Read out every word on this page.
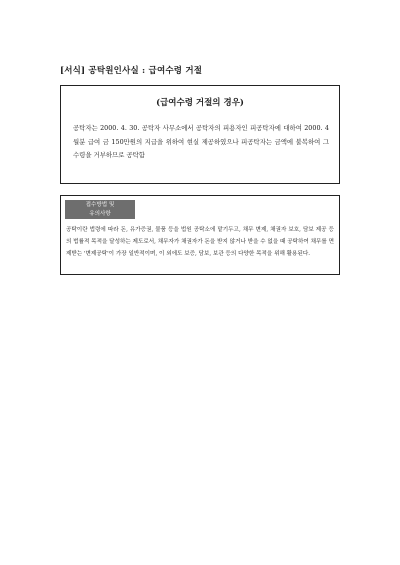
[서식] 공탁원인사실 : 급여수령 거절
(급여수령 거절의 경우)
공탁자는 2000. 4. 30. 공탁자 사무소에서 공탁자의 피용자인 피공탁자에 대하여 2000. 4월분 급여 금 150만원의 지급을 위하여 현실 제공하였으나 피공탁자는 금액에 불복하여 그 수령을 거부하므로 공탁함
접수방법 및
유의사항
공탁이란 법령에 따라 돈, 유가증권, 물품 등을 법원 공탁소에 맡기두고, 채무 변제, 채권자 보호, 담보 제공 등의 법률적 목적을 달성하는 제도로서, 채무자가 채권자가 돈을 받지 않거나 받을 수 없을 때 공탁하여 채무를 면제받는 '변제공탁'이 가장 일반적이며, 이 외에도 보증, 담보, 보관 등의 다양한 목적을 위해 활용된다.
